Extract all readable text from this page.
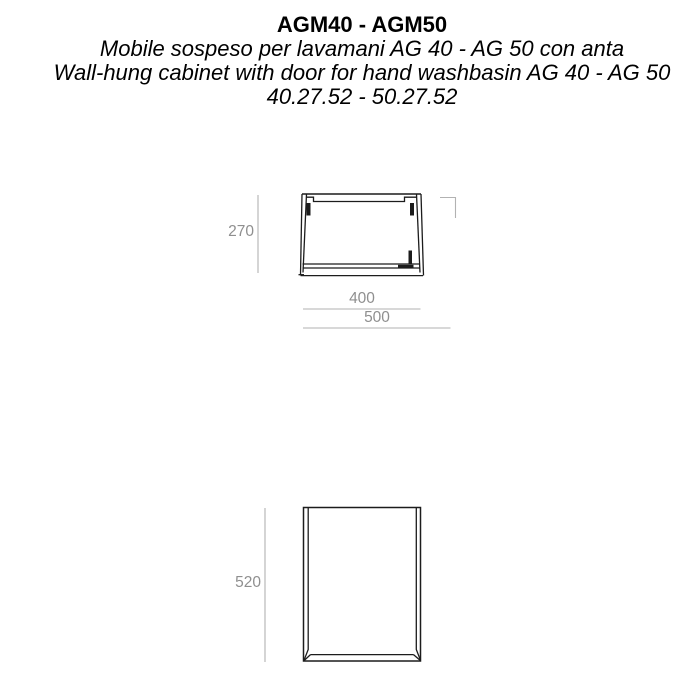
AGM40 - AGM50
Mobile sospeso per lavamani AG 40 - AG 50 con anta
Wall-hung cabinet with door for hand washbasin AG 40 - AG 50
40.27.52 - 50.27.52
270
400
500
520
